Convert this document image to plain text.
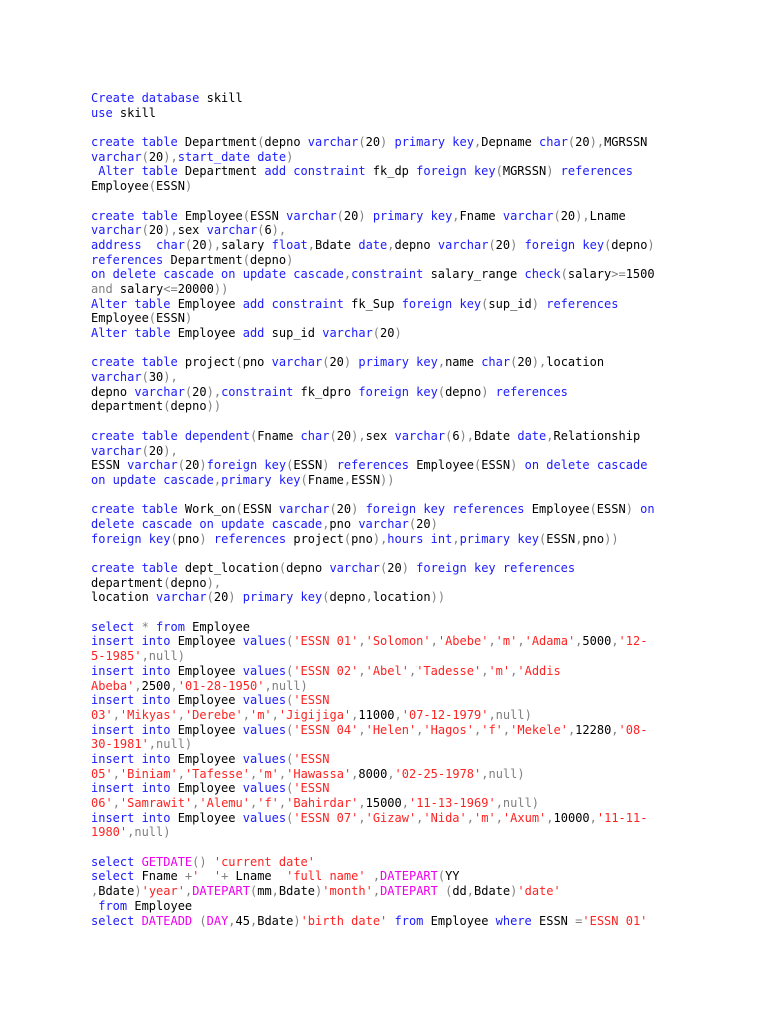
Create database skill
use skill
create table Department(depno varchar(20) primary key,Depname char(20),MGRSSN
varchar(20),start_date date)
Alter table Department add constraint fk_dp foreign key(MGRSSN) references
Employee(ESSN)
create table Employee(ESSN varchar(20) primary key,Fname varchar(20),Lname
varchar(20),sex varchar(6),
address  char(20),salary float,Bdate date,depno varchar(20) foreign key(depno)
references Department(depno)
on delete cascade on update cascade,constraint salary_range check(salary>=1500
and salary<=20000))
Alter table Employee add constraint fk_Sup foreign key(sup_id) references
Employee(ESSN)
Alter table Employee add sup_id varchar(20)
create table project(pno varchar(20) primary key,name char(20),location
varchar(30),
depno varchar(20),constraint fk_dpro foreign key(depno) references
department(depno))
create table dependent(Fname char(20),sex varchar(6),Bdate date,Relationship
varchar(20),
ESSN varchar(20)foreign key(ESSN) references Employee(ESSN) on delete cascade
on update cascade,primary key(Fname,ESSN))
create table Work_on(ESSN varchar(20) foreign key references Employee(ESSN) on
delete cascade on update cascade,pno varchar(20)
foreign key(pno) references project(pno),hours int,primary key(ESSN,pno))
create table dept_location(depno varchar(20) foreign key references
department(depno),
location varchar(20) primary key(depno,location))
select * from Employee
insert into Employee values('ESSN 01','Solomon','Abebe','m','Adama',5000,'12-
5-1985',null)
insert into Employee values('ESSN 02','Abel','Tadesse','m','Addis
Abeba',2500,'01-28-1950',null)
insert into Employee values('ESSN
03','Mikyas','Derebe','m','Jigijiga',11000,'07-12-1979',null)
insert into Employee values('ESSN 04','Helen','Hagos','f','Mekele',12280,'08-
30-1981',null)
insert into Employee values('ESSN
05','Biniam','Tafesse','m','Hawassa',8000,'02-25-1978',null)
insert into Employee values('ESSN
06','Samrawit','Alemu','f','Bahirdar',15000,'11-13-1969',null)
insert into Employee values('ESSN 07','Gizaw','Nida','m','Axum',10000,'11-11-
1980',null)
select GETDATE() 'current date'
select Fname +'  '+ Lname  'full name' ,DATEPART(YY
,Bdate)'year',DATEPART(mm,Bdate)'month',DATEPART (dd,Bdate)'date'
from Employee
select DATEADD (DAY,45,Bdate)'birth date' from Employee where ESSN ='ESSN 01'
